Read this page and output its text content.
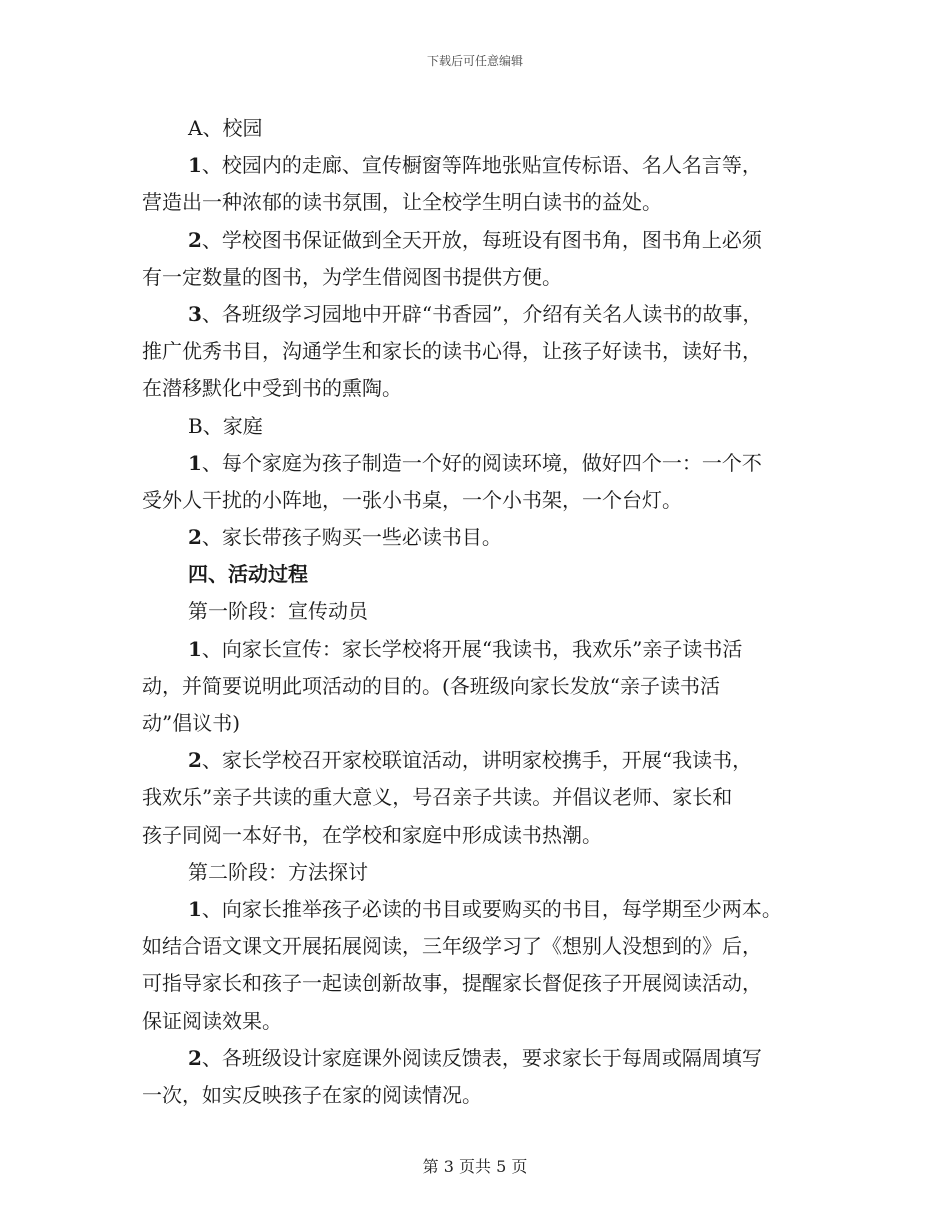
下载后可任意编辑
A、校园
1、校园内的走廊、宣传橱窗等阵地张贴宣传标语、名人名言等，
营造出一种浓郁的读书氛围，让全校学生明白读书的益处。
2、学校图书保证做到全天开放，每班设有图书角，图书角上必须
有一定数量的图书，为学生借阅图书提供方便。
3、各班级学习园地中开辟“书香园”，介绍有关名人读书的故事，
推广优秀书目，沟通学生和家长的读书心得，让孩子好读书，读好书，
在潜移默化中受到书的熏陶。
B、家庭
1、每个家庭为孩子制造一个好的阅读环境，做好四个一：一个不
受外人干扰的小阵地，一张小书桌，一个小书架，一个台灯。
2、家长带孩子购买一些必读书目。
四、活动过程
第一阶段：宣传动员
1、向家长宣传：家长学校将开展“我读书，我欢乐”亲子读书活
动，并简要说明此项活动的目的。(各班级向家长发放“亲子读书活
动”倡议书)
2、家长学校召开家校联谊活动，讲明家校携手，开展“我读书，
我欢乐”亲子共读的重大意义，号召亲子共读。并倡议老师、家长和
孩子同阅一本好书，在学校和家庭中形成读书热潮。
第二阶段：方法探讨
1、向家长推举孩子必读的书目或要购买的书目，每学期至少两本。
如结合语文课文开展拓展阅读，三年级学习了《想别人没想到的》后，
可指导家长和孩子一起读创新故事，提醒家长督促孩子开展阅读活动，
保证阅读效果。
2、各班级设计家庭课外阅读反馈表，要求家长于每周或隔周填写
一次，如实反映孩子在家的阅读情况。
第 3 页共 5 页
